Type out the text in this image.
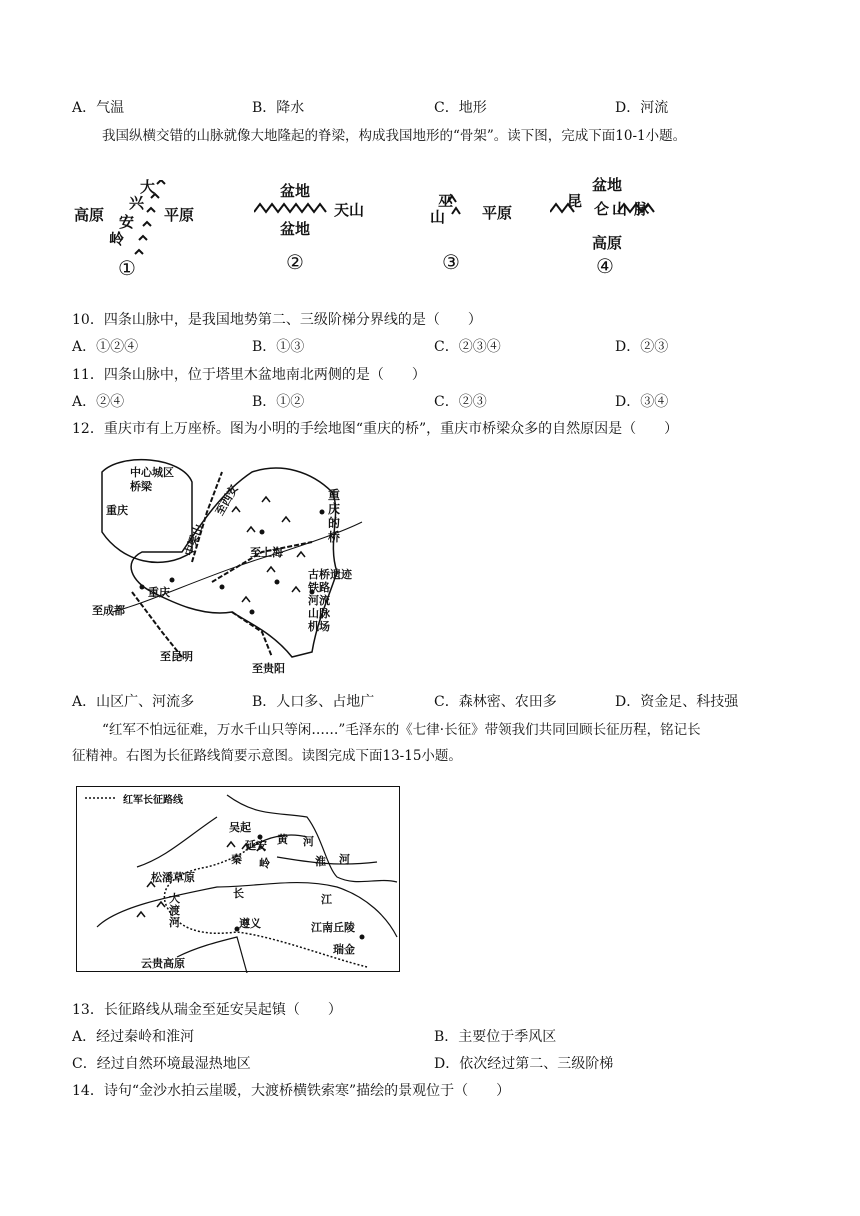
A．气温	B．降水	C．地形	D．河流
我国纵横交错的山脉就像大地隆起的脊梁，构成我国地形的“骨架”。读下图，完成下面10-1小题。
高原	平原
大
兴
安
岭
①
盆地
天山
盆地
②
巫
山 平原
③
盆地
昆 仑 山 脉
高原
④
10．四条山脉中，是我国地势第二、三级阶梯分界线的是（　　）
A．①②④	B．①③	C．②③④	D．②③
11．四条山脉中，位于塔里木盆地南北两侧的是（　　）
A．②④	B．①②	C．②③	D．③④
12．重庆市有上万座桥。图为小明的手绘地图“重庆的桥”，重庆市桥梁众多的自然原因是（　　）
中心城区
桥梁
重庆
重庆
至成都
至昆明
至贵阳
至上海
至西安
中梁山
重
庆
的
桥
古桥遗迹
铁路
河流
山脉
机场
A．山区广、河流多	B．人口多、占地广	C．森林密、农田多	D．资金足、科技强
“红军不怕远征难，万水千山只等闲……”毛泽东的《七律·长征》带领我们共同回顾长征历程，铭记长
征精神。右图为长征路线简要示意图。读图完成下面13-15小题。
红军长征路线
吴起
延安 黄 河
秦 岭	淮 河
松潘草原
长	江
大
渡
河	遵义	江南丘陵
瑞金
云贵高原
13．长征路线从瑞金至延安吴起镇（　　）
A．经过秦岭和淮河	B．主要位于季风区
C．经过自然环境最湿热地区	D．依次经过第二、三级阶梯
14．诗句“金沙水拍云崖暖，大渡桥横铁索寒”描绘的景观位于（　　）
